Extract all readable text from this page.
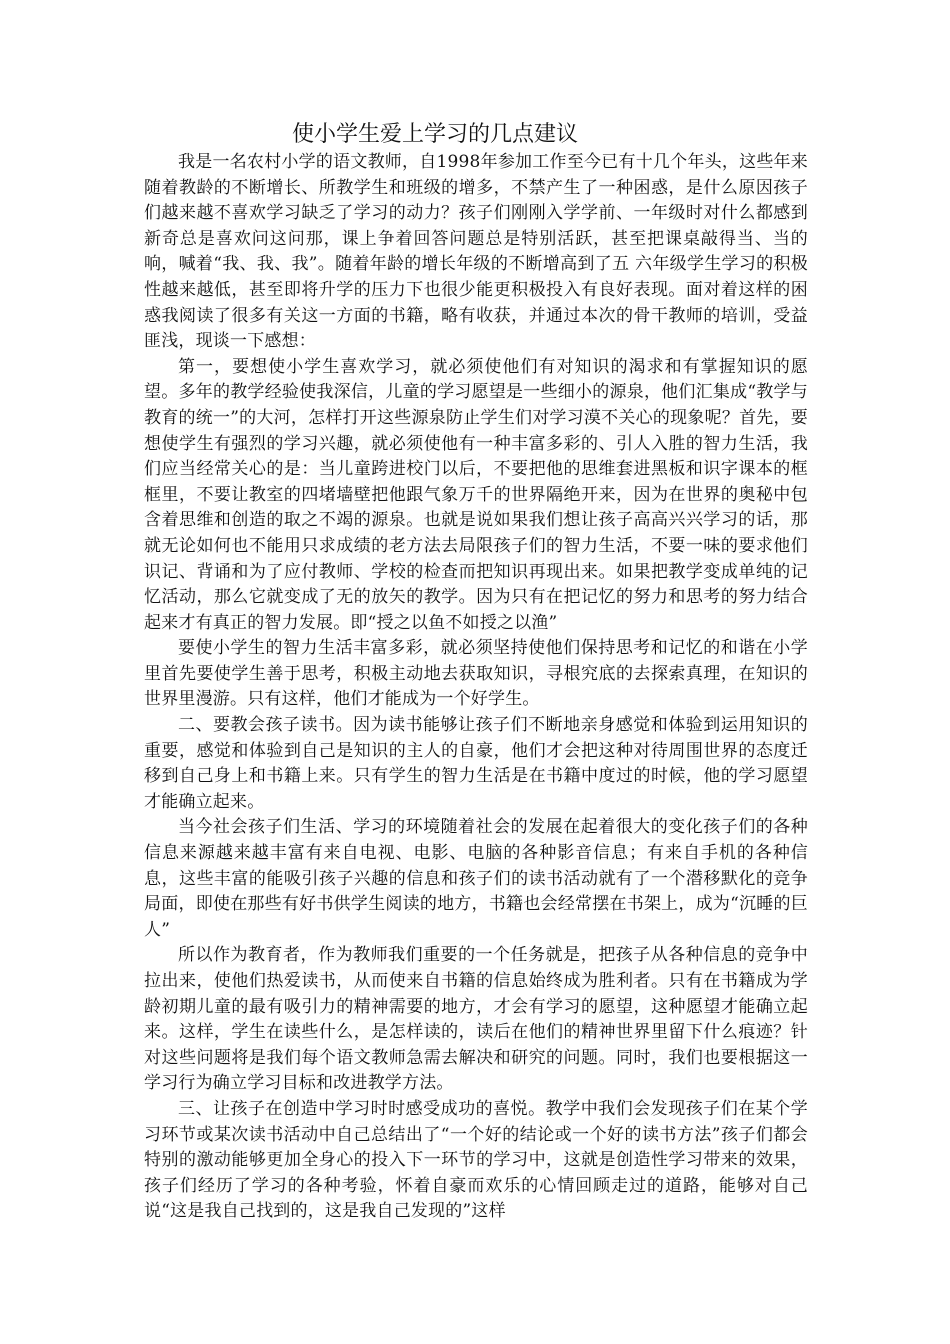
使小学生爱上学习的几点建议

我是一名农村小学的语文教师，自1998年参加工作至今已有十几个年头，这些年来随着教龄的不断增长、所教学生和班级的增多，不禁产生了一种困惑，是什么原因孩子们越来越不喜欢学习缺乏了学习的动力？孩子们刚刚入学学前、一年级时对什么都感到新奇总是喜欢问这问那，课上争着回答问题总是特别活跃，甚至把课桌敲得当、当的响，喊着“我、我、我”。随着年龄的增长年级的不断增高到了五 六年级学生学习的积极性越来越低，甚至即将升学的压力下也很少能更积极投入有良好表现。面对着这样的困惑我阅读了很多有关这一方面的书籍，略有收获，并通过本次的骨干教师的培训，受益匪浅，现谈一下感想：

第一，要想使小学生喜欢学习，就必须使他们有对知识的渴求和有掌握知识的愿望。多年的教学经验使我深信，儿童的学习愿望是一些细小的源泉，他们汇集成“教学与教育的统一”的大河，怎样打开这些源泉防止学生们对学习漠不关心的现象呢？首先，要想使学生有强烈的学习兴趣，就必须使他有一种丰富多彩的、引人入胜的智力生活，我们应当经常关心的是：当儿童跨进校门以后，不要把他的思维套进黑板和识字课本的框框里，不要让教室的四堵墙壁把他跟气象万千的世界隔绝开来，因为在世界的奥秘中包含着思维和创造的取之不竭的源泉。也就是说如果我们想让孩子高高兴兴学习的话，那就无论如何也不能用只求成绩的老方法去局限孩子们的智力生活，不要一味的要求他们识记、背诵和为了应付教师、学校的检查而把知识再现出来。如果把教学变成单纯的记忆活动，那么它就变成了无的放矢的教学。因为只有在把记忆的努力和思考的努力结合起来才有真正的智力发展。即“授之以鱼不如授之以渔”

要使小学生的智力生活丰富多彩，就必须坚持使他们保持思考和记忆的和谐在小学里首先要使学生善于思考，积极主动地去获取知识，寻根究底的去探索真理，在知识的世界里漫游。只有这样，他们才能成为一个好学生。

二、要教会孩子读书。因为读书能够让孩子们不断地亲身感觉和体验到运用知识的重要，感觉和体验到自己是知识的主人的自豪，他们才会把这种对待周围世界的态度迁移到自己身上和书籍上来。只有学生的智力生活是在书籍中度过的时候，他的学习愿望才能确立起来。

当今社会孩子们生活、学习的环境随着社会的发展在起着很大的变化孩子们的各种信息来源越来越丰富有来自电视、电影、电脑的各种影音信息；有来自手机的各种信息，这些丰富的能吸引孩子兴趣的信息和孩子们的读书活动就有了一个潜移默化的竞争局面，即使在那些有好书供学生阅读的地方，书籍也会经常摆在书架上，成为“沉睡的巨人”

所以作为教育者，作为教师我们重要的一个任务就是，把孩子从各种信息的竞争中拉出来，使他们热爱读书，从而使来自书籍的信息始终成为胜利者。只有在书籍成为学龄初期儿童的最有吸引力的精神需要的地方，才会有学习的愿望，这种愿望才能确立起来。这样，学生在读些什么，是怎样读的，读后在他们的精神世界里留下什么痕迹？针对这些问题将是我们每个语文教师急需去解决和研究的问题。同时，我们也要根据这一学习行为确立学习目标和改进教学方法。

三、让孩子在创造中学习时时感受成功的喜悦。教学中我们会发现孩子们在某个学习环节或某次读书活动中自己总结出了“一个好的结论或一个好的读书方法”孩子们都会特别的激动能够更加全身心的投入下一环节的学习中，这就是创造性学习带来的效果，孩子们经历了学习的各种考验，怀着自豪而欢乐的心情回顾走过的道路，能够对自己说“这是我自己找到的，这是我自己发现的”这样
